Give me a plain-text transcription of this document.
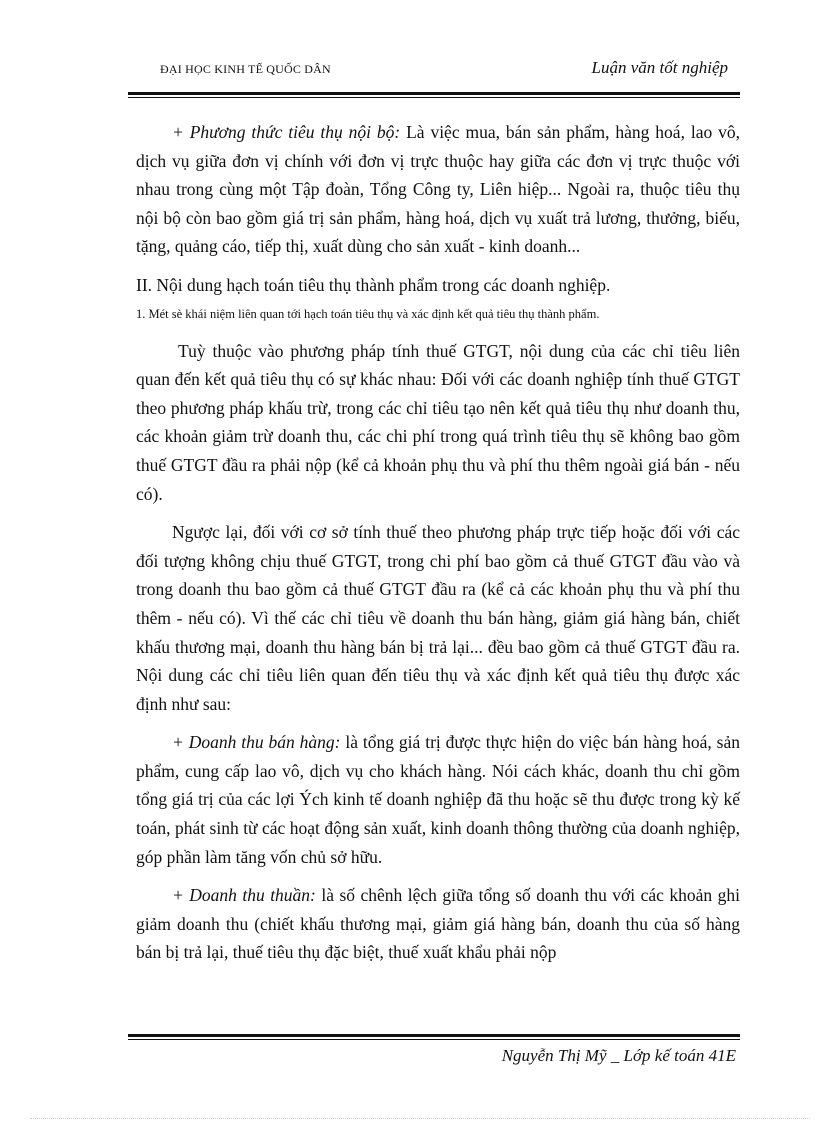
ĐẠI HỌC KINH TẾ QUỐC DÂN	Luận văn tốt nghiệp

+ Phương thức tiêu thụ nội bộ: Là việc mua, bán sản phẩm, hàng hoá, lao vô, dịch vụ giữa đơn vị chính với đơn vị trực thuộc hay giữa các đơn vị trực thuộc với nhau trong cùng một Tập đoàn, Tổng Công ty, Liên hiệp... Ngoài ra, thuộc tiêu thụ nội bộ còn bao gồm giá trị sản phẩm, hàng hoá, dịch vụ xuất trả lương, thưởng, biếu, tặng, quảng cáo, tiếp thị, xuất dùng cho sản xuất - kinh doanh...

II. Nội dung hạch toán tiêu thụ thành phẩm trong các doanh nghiệp.

1. Mét sè khái niệm liên quan tới hạch toán tiêu thụ và xác định kết quả tiêu thụ thành phẩm.

Tuỳ thuộc vào phương pháp tính thuế GTGT, nội dung của các chỉ tiêu liên quan đến kết quả tiêu thụ có sự khác nhau: Đối với các doanh nghiệp tính thuế GTGT theo phương pháp khấu trừ, trong các chỉ tiêu tạo nên kết quả tiêu thụ như doanh thu, các khoản giảm trừ doanh thu, các chi phí trong quá trình tiêu thụ sẽ không bao gồm thuế GTGT đầu ra phải nộp (kể cả khoản phụ thu và phí thu thêm ngoài giá bán - nếu có).

Ngược lại, đối với cơ sở tính thuế theo phương pháp trực tiếp hoặc đối với các đối tượng không chịu thuế GTGT, trong chi phí bao gồm cả thuế GTGT đầu vào và trong doanh thu bao gồm cả thuế GTGT đầu ra (kể cả các khoản phụ thu và phí thu thêm - nếu có). Vì thế các chỉ tiêu về doanh thu bán hàng, giảm giá hàng bán, chiết khấu thương mại, doanh thu hàng bán bị trả lại... đều bao gồm cả thuế GTGT đầu ra. Nội dung các chỉ tiêu liên quan đến tiêu thụ và xác định kết quả tiêu thụ được xác định như sau:

+ Doanh thu bán hàng: là tổng giá trị được thực hiện do việc bán hàng hoá, sản phẩm, cung cấp lao vô, dịch vụ cho khách hàng. Nói cách khác, doanh thu chỉ gồm tổng giá trị của các lợi Ých kinh tế doanh nghiệp đã thu hoặc sẽ thu được trong kỳ kế toán, phát sinh từ các hoạt động sản xuất, kinh doanh thông thường của doanh nghiệp, góp phần làm tăng vốn chủ sở hữu.

+ Doanh thu thuần: là số chênh lệch giữa tổng số doanh thu với các khoản ghi giảm doanh thu (chiết khấu thương mại, giảm giá hàng bán, doanh thu của số hàng bán bị trả lại, thuế tiêu thụ đặc biệt, thuế xuất khẩu phải nộp

Nguyễn Thị Mỹ _ Lớp kế toán 41E
